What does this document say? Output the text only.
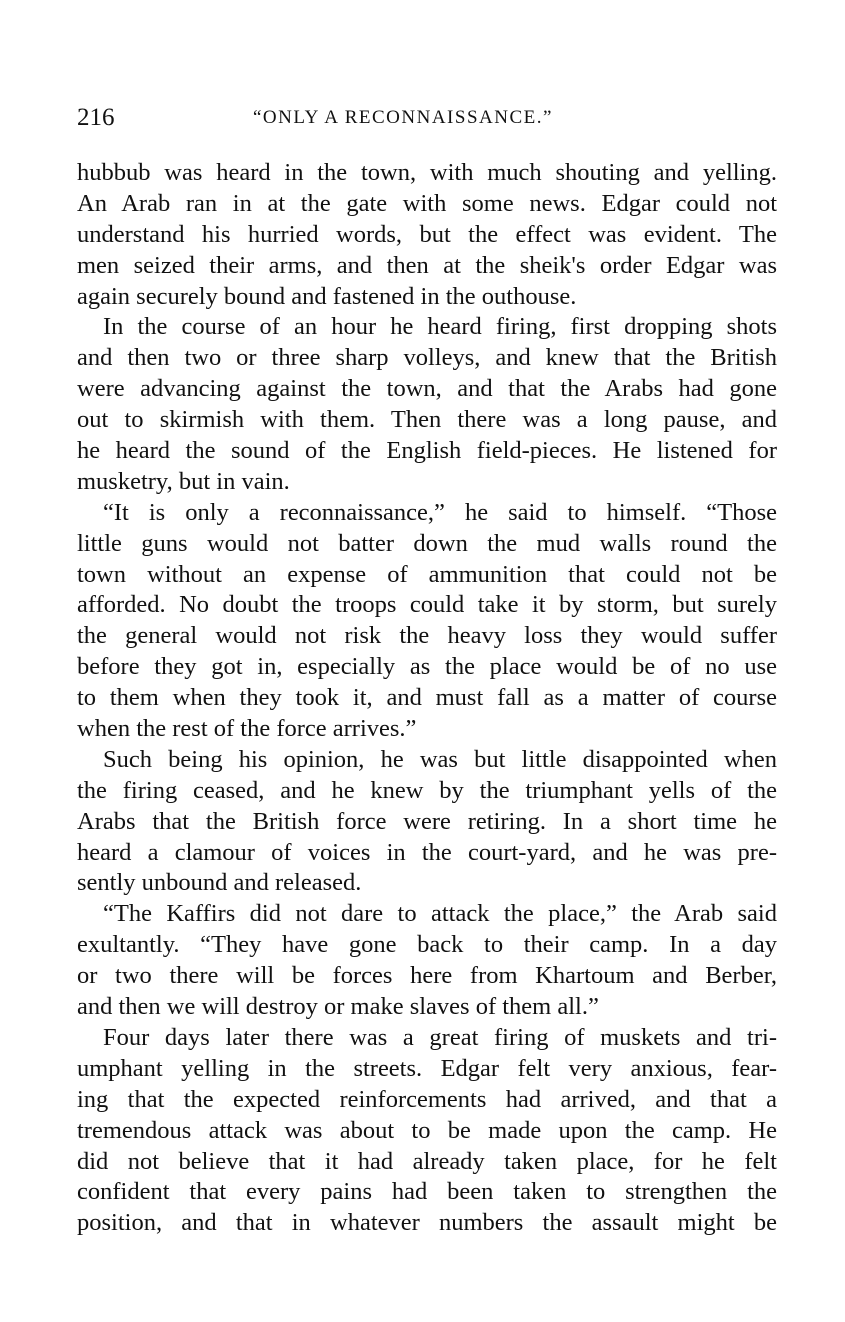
216	“ONLY A RECONNAISSANCE.”
hubbub was heard in the town, with much shouting and yelling.
An Arab ran in at the gate with some news. Edgar could not
understand his hurried words, but the effect was evident. The
men seized their arms, and then at the sheik's order Edgar was
again securely bound and fastened in the outhouse.
In the course of an hour he heard firing, first dropping shots
and then two or three sharp volleys, and knew that the British
were advancing against the town, and that the Arabs had gone
out to skirmish with them. Then there was a long pause, and
he heard the sound of the English field-pieces. He listened for
musketry, but in vain.
“It is only a reconnaissance,” he said to himself. “Those
little guns would not batter down the mud walls round the
town without an expense of ammunition that could not be
afforded. No doubt the troops could take it by storm, but surely
the general would not risk the heavy loss they would suffer
before they got in, especially as the place would be of no use
to them when they took it, and must fall as a matter of course
when the rest of the force arrives.”
Such being his opinion, he was but little disappointed when
the firing ceased, and he knew by the triumphant yells of the
Arabs that the British force were retiring. In a short time he
heard a clamour of voices in the court-yard, and he was pre-
sently unbound and released.
“The Kaffirs did not dare to attack the place,” the Arab said
exultantly. “They have gone back to their camp. In a day
or two there will be forces here from Khartoum and Berber,
and then we will destroy or make slaves of them all.”
Four days later there was a great firing of muskets and tri-
umphant yelling in the streets. Edgar felt very anxious, fear-
ing that the expected reinforcements had arrived, and that a
tremendous attack was about to be made upon the camp. He
did not believe that it had already taken place, for he felt
confident that every pains had been taken to strengthen the
position, and that in whatever numbers the assault might be
